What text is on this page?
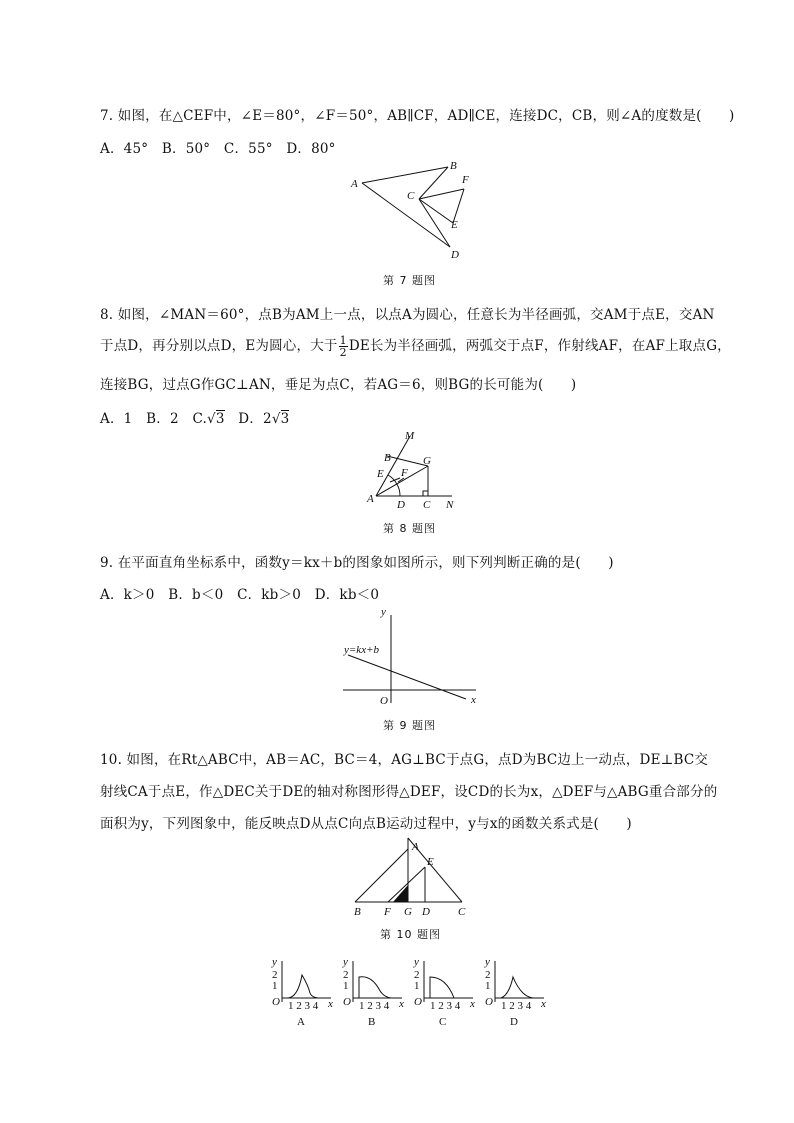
7. 如图，在△CEF中，∠E＝80°，∠F＝50°，AB∥CF，AD∥CE，连接DC，CB，则∠A的度数是(　　)
A．45°　B．50°　C．55°　D．80°
A
B
C
D
E
F
第 7 题图
8. 如图，∠MAN＝60°，点B为AM上一点，以点A为圆心，任意长为半径画弧，交AM于点E，交AN
于点D，再分别以点D，E为圆心，大于 $\frac{1}{2}$ DE长为半径画弧，两弧交于点F，作射线AF，在AF上取点G，
连接BG，过点G作GC⊥AN，垂足为点C，若AG＝6，则BG的长可能为(　　)
A．1　B．2　C.√3　D．2√3
M
B
E F
G
A D C N
第 8 题图
9. 在平面直角坐标系中，函数y＝kx＋b的图象如图所示，则下列判断正确的是(　　)
A．k＞0　B．b＜0　C．kb＞0　D．kb＜0
y
y=kx+b
O	x
第 9 题图
10. 如图，在Rt△ABC中，AB＝AC，BC＝4，AG⊥BC于点G，点D为BC边上一动点，DE⊥BC交
射线CA于点E，作△DEC关于DE的轴对称图形得△DEF，设CD的长为x，△DEF与△ABG重合部分的
面积为y，下列图象中，能反映点D从点C向点B运动过程中，y与x的函数关系式是(　　)
A
E
B F G D	C
第 10 题图
y
2
1
O 1 2 3 4 x
A
y
2
1
O 1 2 3 4 x
B
y
2
1
O 1 2 3 4 x
C
y
2
1
O 1 2 3 4 x
D
